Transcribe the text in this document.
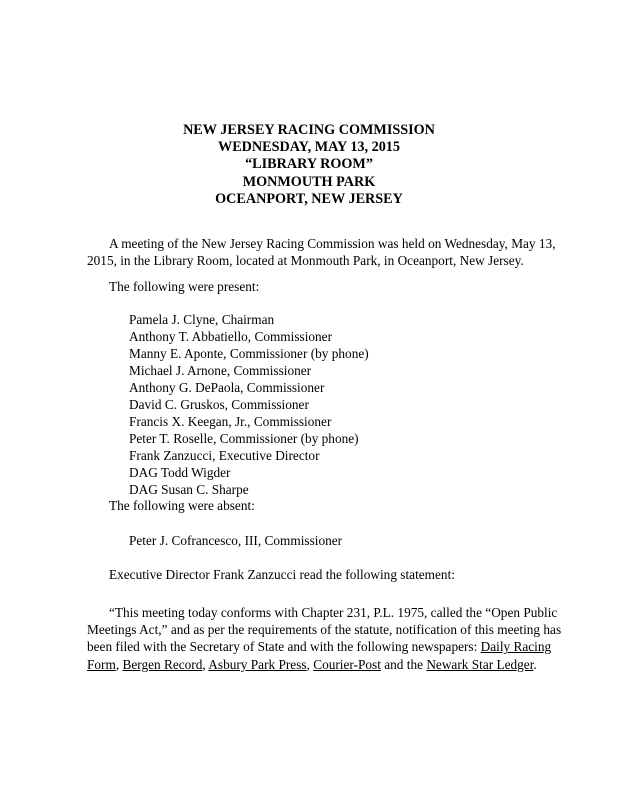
NEW JERSEY RACING COMMISSION
WEDNESDAY, MAY 13, 2015
“LIBRARY ROOM”
MONMOUTH PARK
OCEANPORT, NEW JERSEY
A meeting of the New Jersey Racing Commission was held on Wednesday, May 13,
2015, in the Library Room, located at Monmouth Park, in Oceanport, New Jersey.
The following were present:
Pamela J. Clyne, Chairman
Anthony T. Abbatiello, Commissioner
Manny E. Aponte, Commissioner (by phone)
Michael J. Arnone, Commissioner
Anthony G. DePaola, Commissioner
David C. Gruskos, Commissioner
Francis X. Keegan, Jr., Commissioner
Peter T. Roselle, Commissioner (by phone)
Frank Zanzucci, Executive Director
DAG Todd Wigder
DAG Susan C. Sharpe
The following were absent:
Peter J. Cofrancesco, III, Commissioner
Executive Director Frank Zanzucci read the following statement:
“This meeting today conforms with Chapter 231, P.L. 1975, called the “Open Public
Meetings Act,” and as per the requirements of the statute, notification of this meeting has
been filed with the Secretary of State and with the following newspapers: Daily Racing
Form, Bergen Record, Asbury Park Press, Courier-Post and the Newark Star Ledger.
